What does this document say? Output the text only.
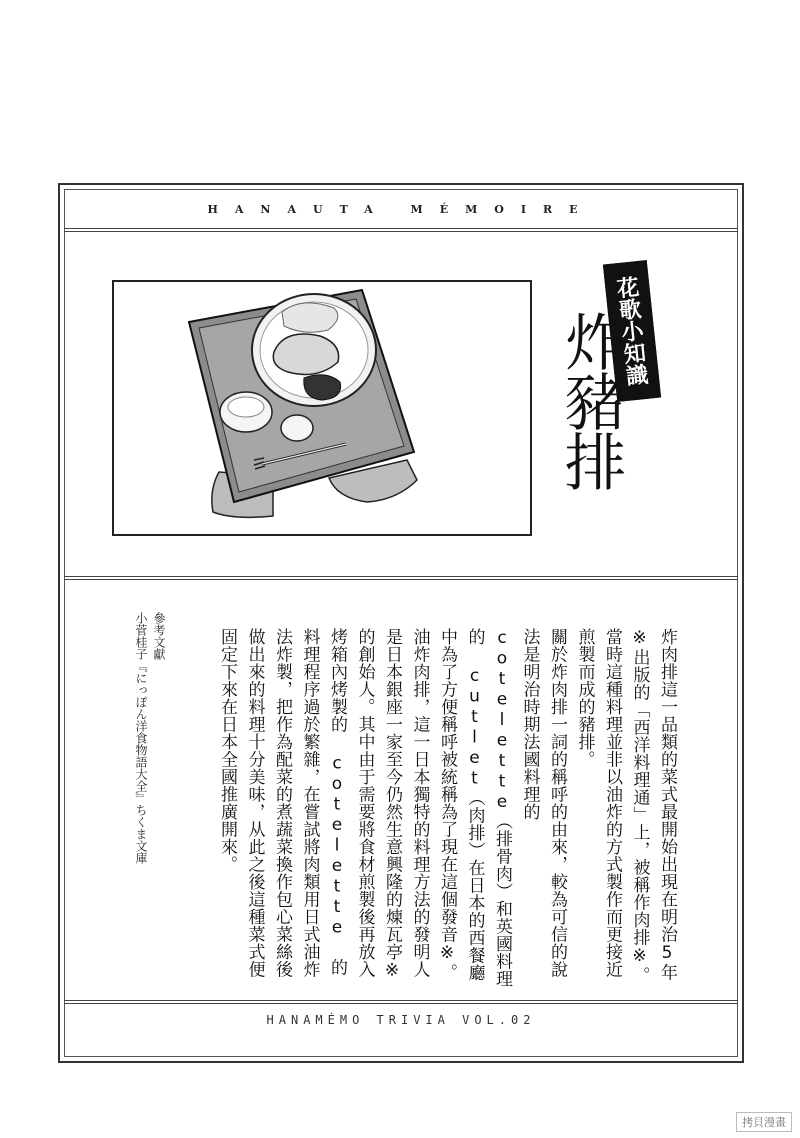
HANAUTA MÉMOIRE
花歌小知識
炸豬排

炸肉排這一品類的菜式最開始出現在明治5年※出版的「西洋料理通」上，被稱作肉排※。當時這種料理並非以油炸的方式製作而更接近煎製而成的豬排。

關於炸肉排一詞的稱呼的由來，較為可信的說法是明治時期法國料理的 cotelette（排骨肉）和英國料理的 cutlet（肉排）在日本的西餐廳中為了方便稱呼被統稱為了現在這個發音※。

油炸肉排，這一日本獨特的料理方法的發明人是日本銀座一家至今仍然生意興隆的煉瓦亭※的創始人。其中由于需要將食材煎製後再放入烤箱內烤製的 cotelette 的料理程序過於繁雜，在嘗試將肉類用日式油炸法炸製，把作為配菜的煮蔬菜換作包心菜絲後做出來的料理十分美味，从此之後這種菜式便固定下來在日本全國推廣開來。

參考文獻

小菅桂子『にっぽん洋食物語大全』ちくま文庫

HANAMÉMO TRIVIA VOL.02
拷貝漫畫
